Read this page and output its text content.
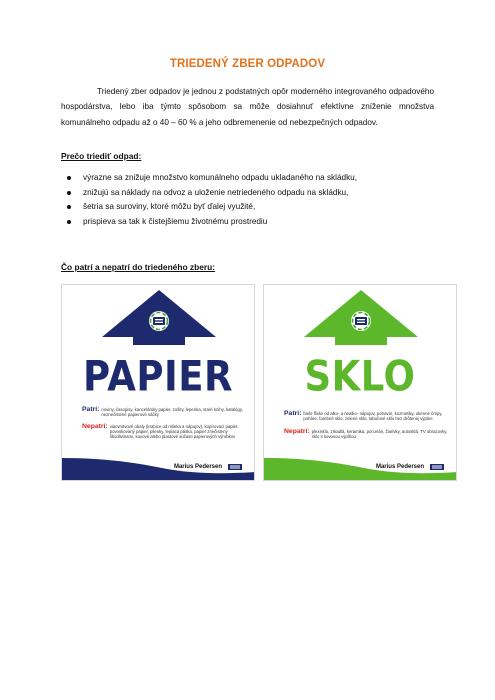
TRIEDENÝ ZBER ODPADOV

Triedený zber odpadov je jednou z podstatných opôr moderného integrovaného odpadového hospodárstva, lebo iba týmto spôsobom sa môže dosiahnuť efektívne zníženie množstva komunálneho odpadu až o 40 – 60 % a jeho odbremenenie od nebezpečných odpadov.

Prečo triediť odpad:
výrazne sa znižuje množstvo komunálneho odpadu ukladaného na skládku,
znižujú sa náklady na odvoz a uloženie netriedeného odpadu na skládku,
šetria sa suroviny, ktoré môžu byť ďalej využité,
prispieva sa tak k čistejšiemu životnému prostrediu
Čo patrí a nepatrí do triedeného zberu:
PAPIER
Patrí: noviny, časopisy, kancelársky papier, zošity, lepenka, staré knihy, katalógy, neznečistené papierové sáčky
Nepatrí: viacvrstvové obaly (krabice od mlieka a nápojov), kopírovací papier, povoskovaný papier, plienky, lepiaca páska, papier znečistený škodlivinami, kovové alebo plastové súčasti papierových výrobkov
Marius Pedersen
SKLO
Patrí: biele fľaše od alko- a nealko- nápojov, potravín, kozmetiky, okenné črepy, poháre, farebné sklo, zelené sklo, tabuľové sklo bez drôtenej výplne
Nepatrí: plexisklo, zrkadlá, keramika, porcelán, žiarivky, autosklá, TV obrazovky, sklo s kovovou výplňou
Marius Pedersen
